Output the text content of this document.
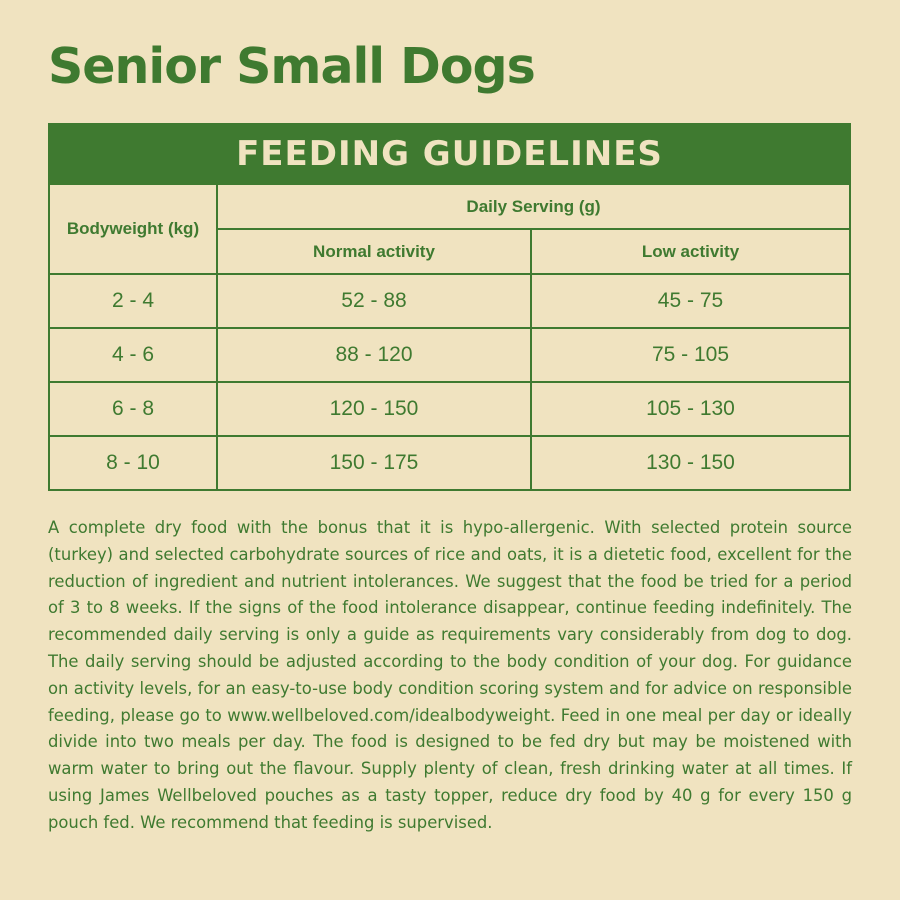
Senior Small Dogs
FEEDING GUIDELINES
Bodyweight (kg)	Daily Serving (g)	
	Normal activity	Low activity
2 - 4	52 - 88	45 - 75
4 - 6	88 - 120	75 - 105
6 - 8	120 - 150	105 - 130
8 - 10	150 - 175	130 - 150

A complete dry food with the bonus that it is hypo-allergenic. With selected protein source (turkey) and selected carbohydrate sources of rice and oats, it is a dietetic food, excellent for the reduction of ingredient and nutrient intolerances. We suggest that the food be tried for a period of 3 to 8 weeks. If the signs of the food intolerance disappear, continue feeding indefinitely. The recommended daily serving is only a guide as requirements vary considerably from dog to dog. The daily serving should be adjusted according to the body condition of your dog. For guidance on activity levels, for an easy-to-use body condition scoring system and for advice on responsible feeding, please go to www.wellbeloved.com/idealbodyweight. Feed in one meal per day or ideally divide into two meals per day. The food is designed to be fed dry but may be moistened with warm water to bring out the flavour. Supply plenty of clean, fresh drinking water at all times. If using James Wellbeloved pouches as a tasty topper, reduce dry food by 40 g for every 150 g pouch fed. We recommend that feeding is supervised.
